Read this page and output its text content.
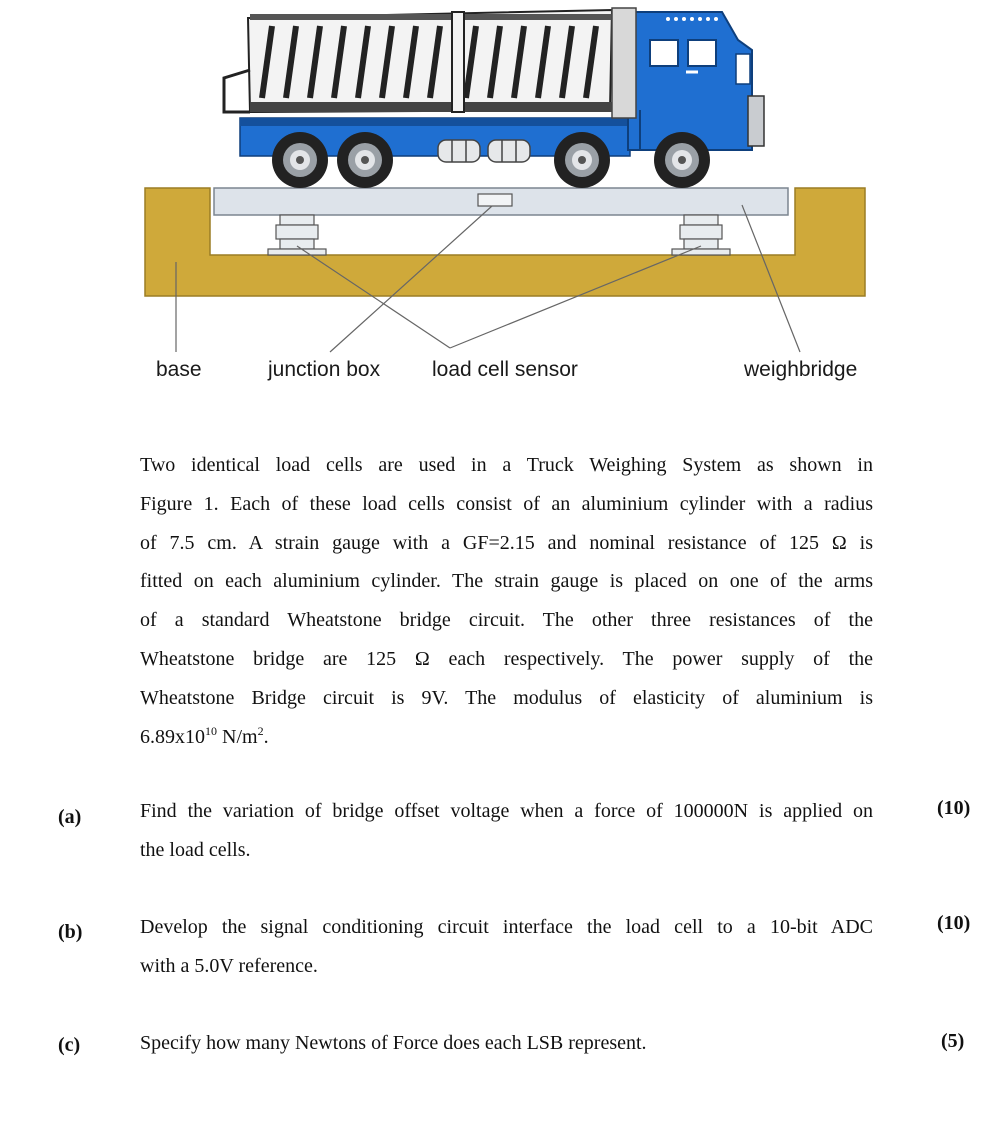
base	junction box load cell sensor	weighbridge
Two identical load cells are used in a Truck Weighing System as shown in
Figure 1. Each of these load cells consist of an aluminium cylinder with a radius
of 7.5 cm. A strain gauge with a GF=2.15 and nominal resistance of 125 Ω is
fitted on each aluminium cylinder. The strain gauge is placed on one of the arms
of a standard Wheatstone bridge circuit. The other three resistances of the
Wheatstone bridge are 125 Ω each respectively. The power supply of the
Wheatstone Bridge circuit is 9V. The modulus of elasticity of aluminium is
$6.89x10^{10}$ $N/m^2$.
(a)	Find the variation of bridge offset voltage when a force of 100000N is applied on
the load cells.
(10)
(b)	Develop the signal conditioning circuit interface the load cell to a 10-bit ADC
with a 5.0V reference.
(10)
(c)	Specify how many Newtons of Force does each LSB represent.	(5)
